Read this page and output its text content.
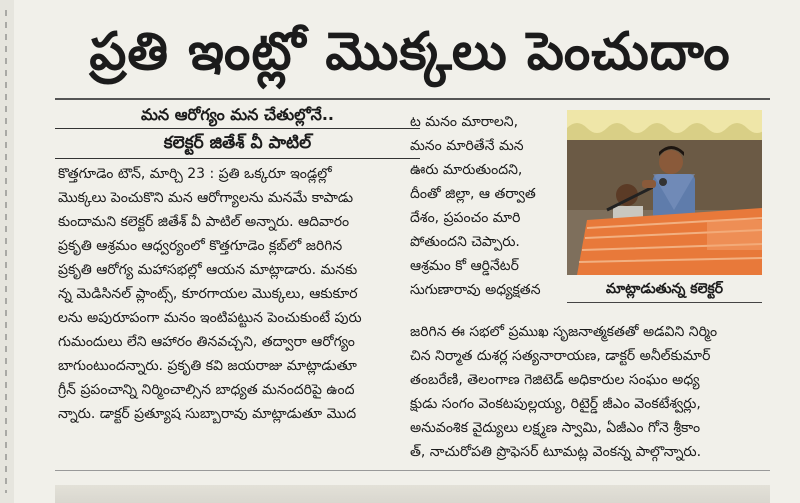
ప్రతి ఇంట్లో మొక్కలు పెంచుదాం
మన ఆరోగ్యం మన చేతుల్లోనే..
కలెక్టర్ జితేశ్ వీ పాటిల్
కొత్తగూడెం టౌన్, మార్చి 23 : ప్రతి ఒక్కరూ ఇండ్లల్లో
మొక్కలు పెంచుకొని మన ఆరోగ్యాలను మనమే కాపాడు
కుందామని కలెక్టర్ జితేశ్ వీ పాటిల్ అన్నారు. ఆదివారం
ప్రకృతి ఆశ్రమం ఆధ్వర్యంలో కొత్తగూడెం క్లబ్‌లో జరిగిన
ప్రకృతి ఆరోగ్య మహాసభల్లో ఆయన మాట్లాడారు. మనకు
న్న మెడిసినల్ ప్లాంట్స్, కూరగాయల మొక్కలు, ఆకుకూర
లను అపురూపంగా మనం ఇంటిపట్టున పెంచుకుంటే పురు
గుమందులు లేని ఆహారం తినవచ్చని, తద్వారా ఆరోగ్యం
బాగుంటుందన్నారు. ప్రకృతి కవి జయరాజు మాట్లాడుతూ
గ్రీన్ ప్రపంచాన్ని నిర్మించాల్సిన బాధ్యత మనందరిపై ఉంద
న్నారు. డాక్టర్ ప్రత్యూష సుబ్బారావు మాట్లాడుతూ మొద
ట మనం మారాలని,
మనం మారితేనే మన
ఊరు మారుతుందని,
దీంతో జిల్లా, ఆ తర్వాత
దేశం, ప్రపంచం మారి
పోతుందని చెప్పారు.
ఆశ్రమం కో ఆర్డినేటర్
సుగుణారావు అధ్యక్షతన	మాట్లాడుతున్న కలెక్టర్
జరిగిన ఈ సభలో ప్రముఖ సృజనాత్మకతతో అడవిని నిర్మిం
చిన నిర్మాత దుశర్ల సత్యనారాయణ, డాక్టర్ అనీల్‌కుమార్
తంబరేణి, తెలంగాణ గెజిటెడ్ అధికారుల సంఘం అధ్య
క్షుడు సంగం వెంకటపుల్లయ్య, రిటైర్డ్ జీఎం వెంకటేశ్వర్లు,
అనువంశిక వైద్యులు లక్ష్మణ స్వామి, ఏజీఎం గోనె శ్రీకాం
త్, నాచురోపతి ప్రొఫెసర్ టూమట్ల వెంకన్న పాల్గొన్నారు.
